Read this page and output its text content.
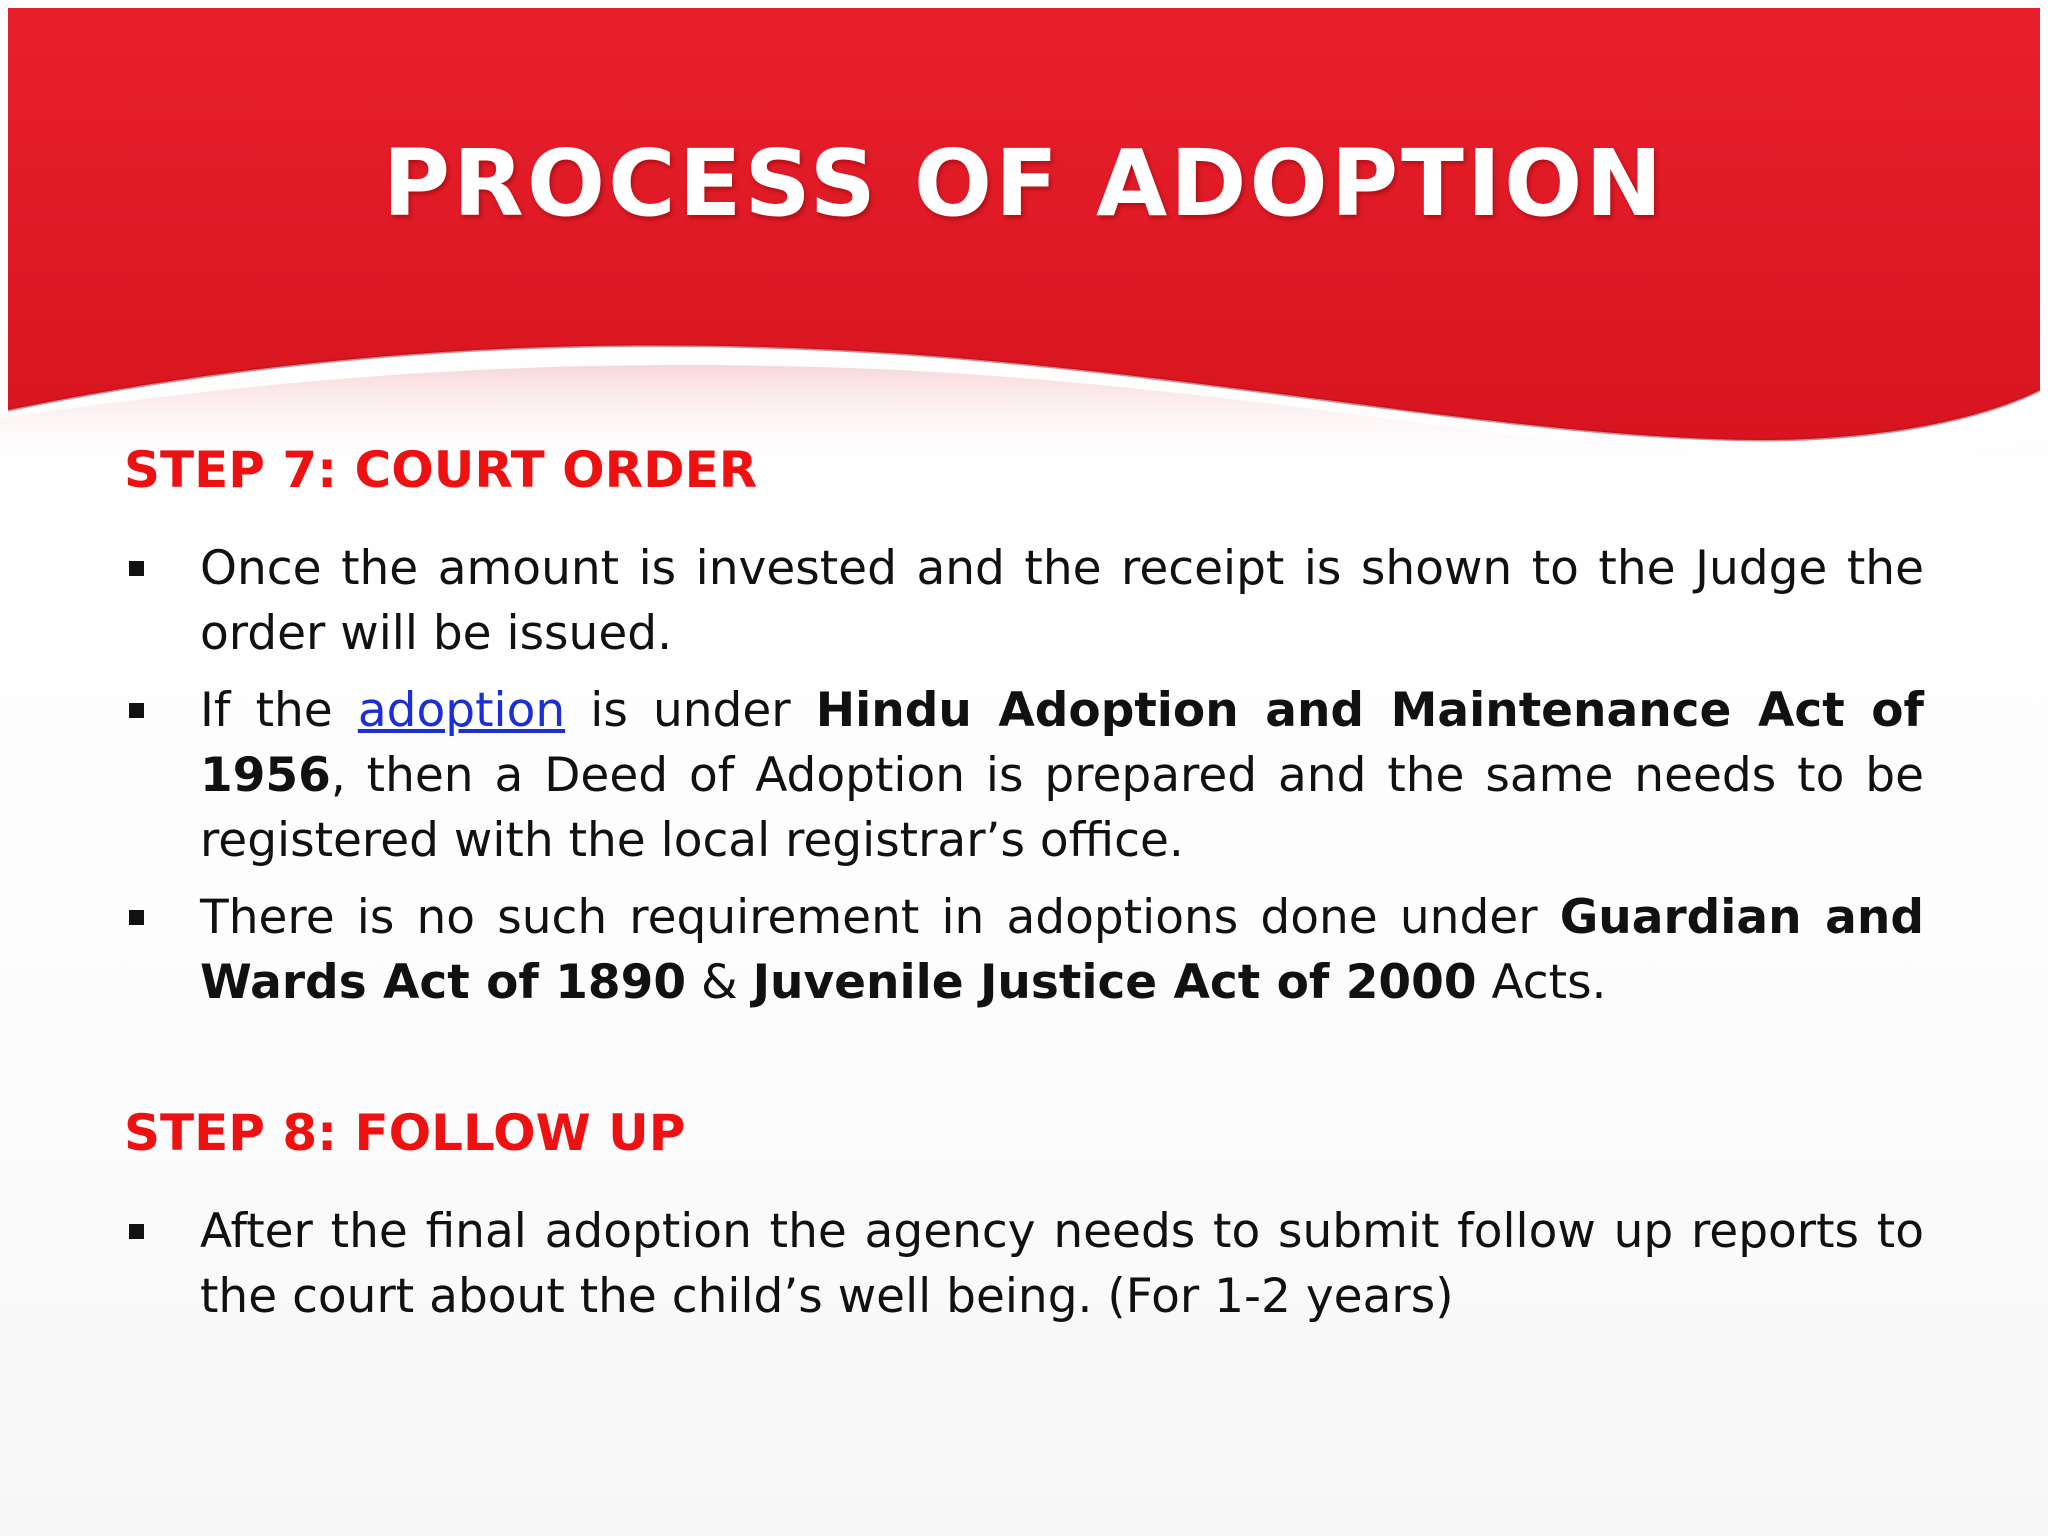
PROCESS OF ADOPTION
STEP 7: COURT ORDER
Once the amount is invested and the receipt is shown to the Judge the order will be issued.
If the adoption is under Hindu Adoption and Maintenance Act of 1956, then a Deed of Adoption is prepared and the same needs to be registered with the local registrar’s office.
There is no such requirement in adoptions done under Guardian and Wards Act of 1890 & Juvenile Justice Act of 2000 Acts.
STEP 8: FOLLOW UP
After the final adoption the agency needs to submit follow up reports to the court about the child’s well being. (For 1-2 years)
